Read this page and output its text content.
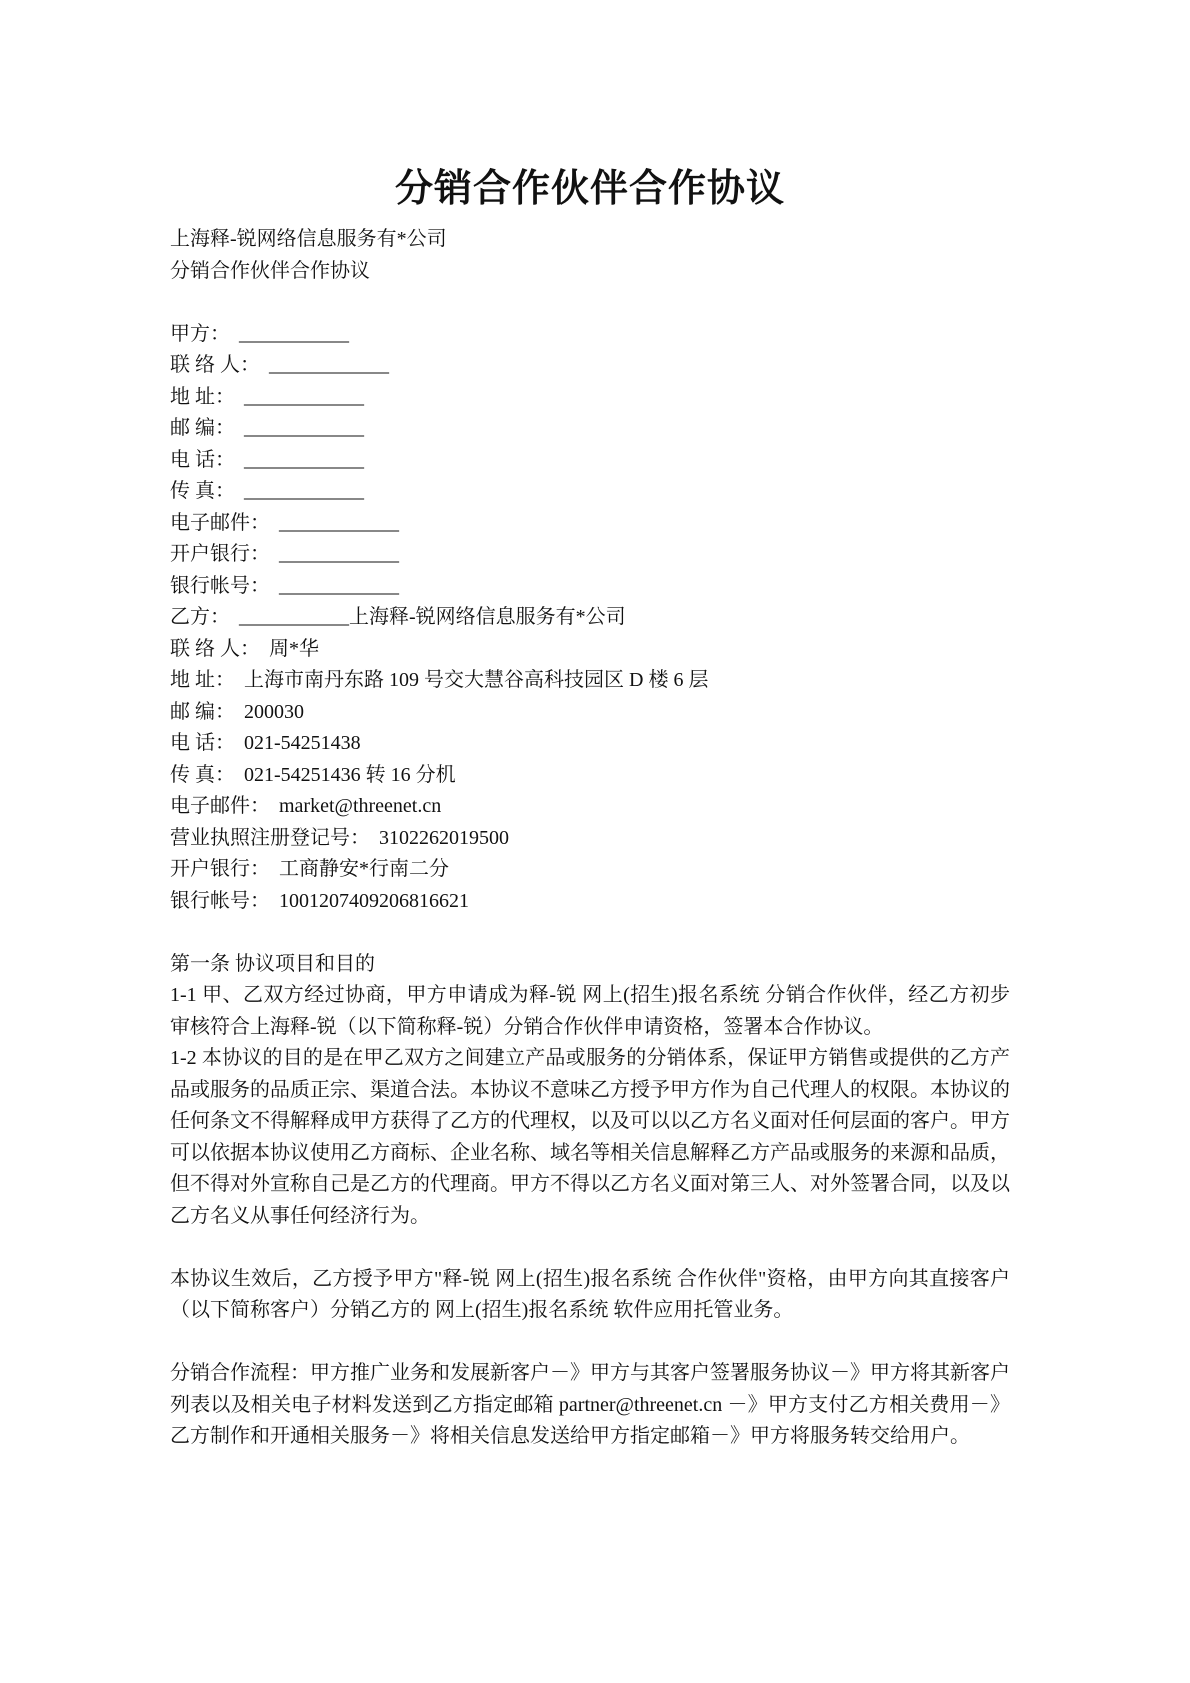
分销合作伙伴合作协议

上海释-锐网络信息服务有*公司

分销合作伙伴合作协议

甲方： ___________
联 络 人： ____________
地 址： ____________
邮 编： ____________
电 话： ____________
传 真： ____________
电子邮件： ____________
开户银行： ____________
银行帐号： ____________
乙方： ___________上海释-锐网络信息服务有*公司
联 络 人： 周*华
地 址： 上海市南丹东路 109 号交大慧谷高科技园区 D 楼 6 层
邮 编： 200030
电 话： 021-54251438
传 真： 021-54251436 转 16 分机
电子邮件： market@threenet.cn
营业执照注册登记号： 3102262019500
开户银行： 工商静安*行南二分
银行帐号： 1001207409206816621

第一条 协议项目和目的

1-1 甲、乙双方经过协商，甲方申请成为释-锐 网上(招生)报名系统 分销合作伙伴，经乙方初步审核符合上海释-锐（以下简称释-锐）分销合作伙伴申请资格，签署本合作协议。

1-2 本协议的目的是在甲乙双方之间建立产品或服务的分销体系，保证甲方销售或提供的乙方产品或服务的品质正宗、渠道合法。本协议不意味乙方授予甲方作为自己代理人的权限。本协议的任何条文不得解释成甲方获得了乙方的代理权，以及可以以乙方名义面对任何层面的客户。甲方可以依据本协议使用乙方商标、企业名称、域名等相关信息解释乙方产品或服务的来源和品质，但不得对外宣称自己是乙方的代理商。甲方不得以乙方名义面对第三人、对外签署合同，以及以乙方名义从事任何经济行为。

本协议生效后，乙方授予甲方"释-锐 网上(招生)报名系统 合作伙伴"资格，由甲方向其直接客户（以下简称客户）分销乙方的 网上(招生)报名系统 软件应用托管业务。

分销合作流程：甲方推广业务和发展新客户－》甲方与其客户签署服务协议－》甲方将其新客户列表以及相关电子材料发送到乙方指定邮箱 partner@threenet.cn －》甲方支付乙方相关费用－》乙方制作和开通相关服务－》将相关信息发送给甲方指定邮箱－》甲方将服务转交给用户。
